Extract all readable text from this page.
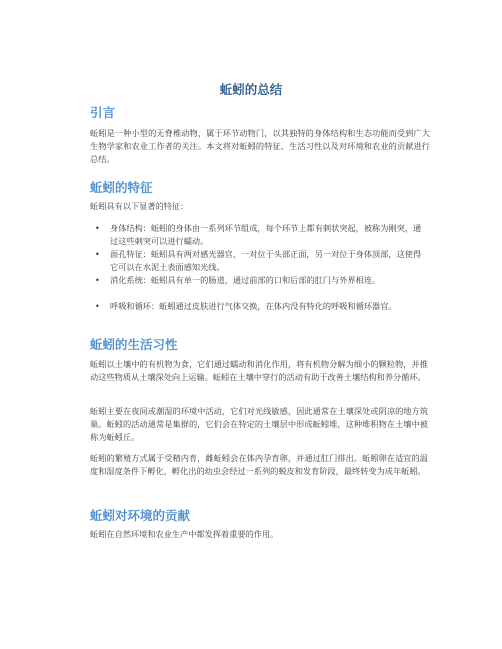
蚯蚓的总结
引言

蚯蚓是一种小型的无脊椎动物，属于环节动物门，以其独特的身体结构和生态功能而受到广大生物学家和农业工作者的关注。本文将对蚯蚓的特征、生活习性以及对环境和农业的贡献进行总结。

蚯蚓的特征

蚯蚓具有以下显著的特征：

• 身体结构：蚯蚓的身体由一系列环节组成，每个环节上都有刺状突起，被称为刚突，通过这些刺突可以进行蠕动。
• 面孔特征：蚯蚓具有两对感光器官，一对位于头部正面，另一对位于身体顶部，这使得它可以在水泥土表面感知光线。
• 消化系统：蚯蚓具有单一的肠道，通过前部的口和后部的肛门与外界相连。
• 呼吸和循环：蚯蚓通过皮肤进行气体交换，在体内没有特化的呼吸和循环器官。
蚯蚓的生活习性

蚯蚓以土壤中的有机物为食，它们通过蠕动和消化作用，将有机物分解为细小的颗粒物，并推动这些物质从土壤深处向上运输。蚯蚓在土壤中穿行的活动有助于改善土壤结构和养分循环。

蚯蚓主要在夜间或潮湿的环境中活动，它们对光线敏感，因此通常在土壤深处或阴凉的地方筑巢。蚯蚓的活动通常是集群的，它们会在特定的土壤层中形成蚯蚓堆，这种堆积物在土壤中被称为蚯蚓丘。

蚯蚓的繁殖方式属于受精内育，雌蚯蚓会在体内孕育卵，并通过肛门排出。蚯蚓卵在适宜的温度和湿度条件下孵化，孵化出的幼虫会经过一系列的蜕皮和发育阶段，最终转变为成年蚯蚓。

蚯蚓对环境的贡献

蚯蚓在自然环境和农业生产中都发挥着重要的作用。
